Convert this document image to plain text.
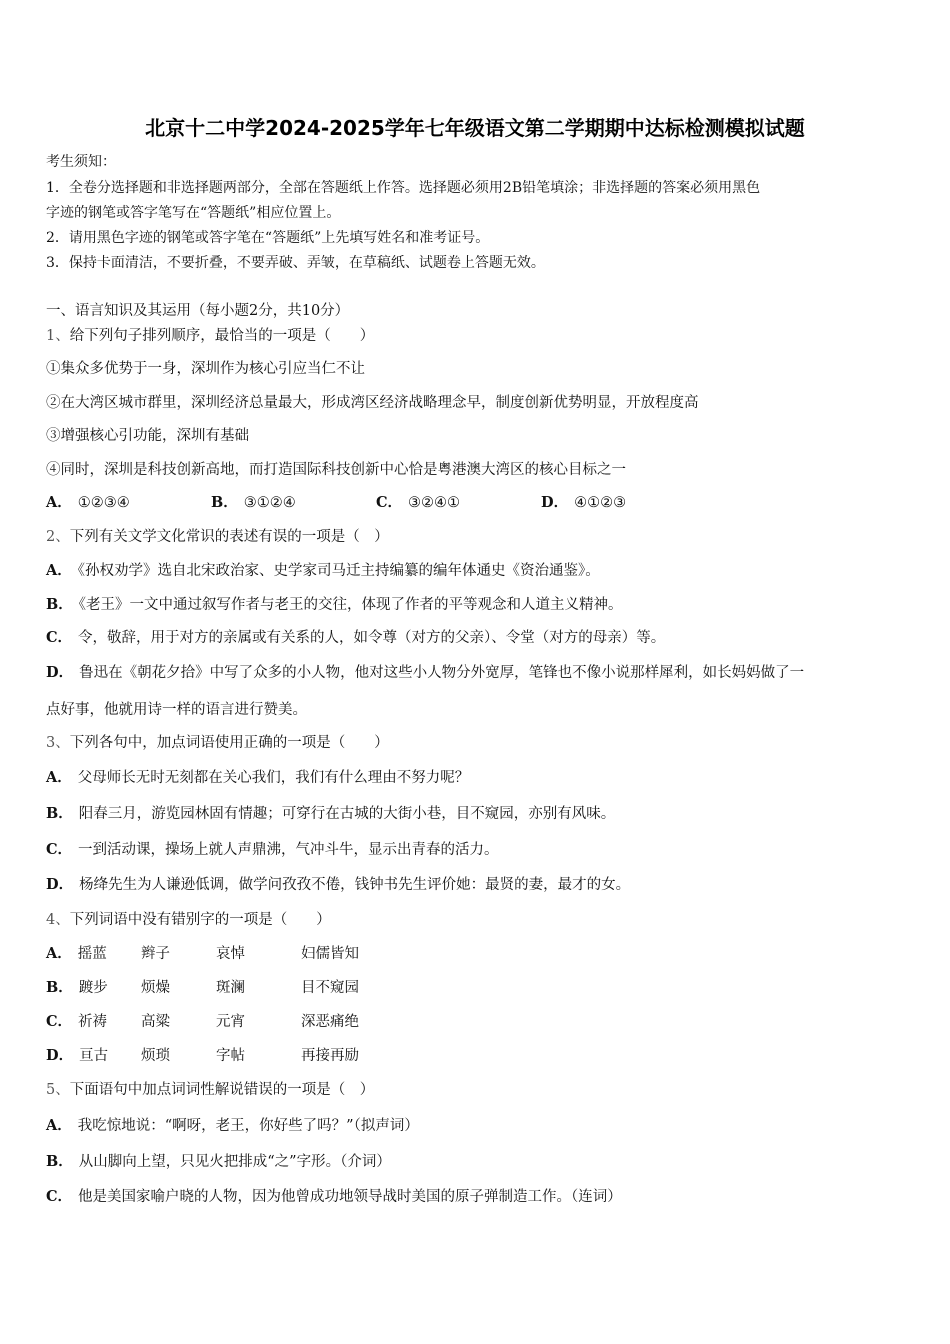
北京十二中学2024-2025学年七年级语文第二学期期中达标检测模拟试题
考生须知：
1．全卷分选择题和非选择题两部分，全部在答题纸上作答。选择题必须用2B铅笔填涂；非选择题的答案必须用黑色
字迹的钢笔或答字笔写在“答题纸”相应位置上。
2．请用黑色字迹的钢笔或答字笔在“答题纸”上先填写姓名和准考证号。
3．保持卡面清洁，不要折叠，不要弄破、弄皱，在草稿纸、试题卷上答题无效。
一、语言知识及其运用（每小题2分，共10分）
1、给下列句子排列顺序，最恰当的一项是（　　）
①集众多优势于一身，深圳作为核心引应当仁不让
②在大湾区城市群里，深圳经济总量最大，形成湾区经济战略理念早，制度创新优势明显，开放程度高
③增强核心引功能，深圳有基础
④同时，深圳是科技创新高地，而打造国际科技创新中心恰是粤港澳大湾区的核心目标之一
A． ①②③④	B． ③①②④	C． ③②④①	D． ④①②③
2、下列有关文学文化常识的表述有误的一项是（　）
A． 《孙权劝学》选自北宋政治家、史学家司马迁主持编纂的编年体通史《资治通鉴》。
B． 《老王》一文中通过叙写作者与老王的交往，体现了作者的平等观念和人道主义精神。
C． 令，敬辞，用于对方的亲属或有关系的人，如令尊（对方的父亲）、令堂（对方的母亲）等。
D． 鲁迅在《朝花夕拾》中写了众多的小人物，他对这些小人物分外宽厚，笔锋也不像小说那样犀利，如长妈妈做了一
点好事，他就用诗一样的语言进行赞美。
3、下列各句中，加点词语使用正确的一项是（　　）
A． 父母师长无时无刻都在关心我们，我们有什么理由不努力呢？
B． 阳春三月，游览园林固有情趣；可穿行在古城的大街小巷，目不窥园，亦别有风味。
C． 一到活动课，操场上就人声鼎沸，气冲斗牛，显示出青春的活力。
D． 杨绛先生为人谦逊低调，做学问孜孜不倦，钱钟书先生评价她：最贤的妻，最才的女。
4、下列词语中没有错别字的一项是（　　）
A． 摇蓝 辫子	哀悼	妇儒皆知
B． 踱步 烦燥	斑澜	目不窥园
C． 祈祷 高粱	元宵	深恶痛绝
D． 亘古 烦琐	字帖	再接再励
5、下面语句中加点词词性解说错误的一项是（　）
A． 我吃惊地说：“啊呀，老王，你好些了吗？”（拟声词）
B． 从山脚向上望，只见火把排成“之”字形。（介词）
C． 他是美国家喻户晓的人物，因为他曾成功地领导战时美国的原子弹制造工作。（连词）
